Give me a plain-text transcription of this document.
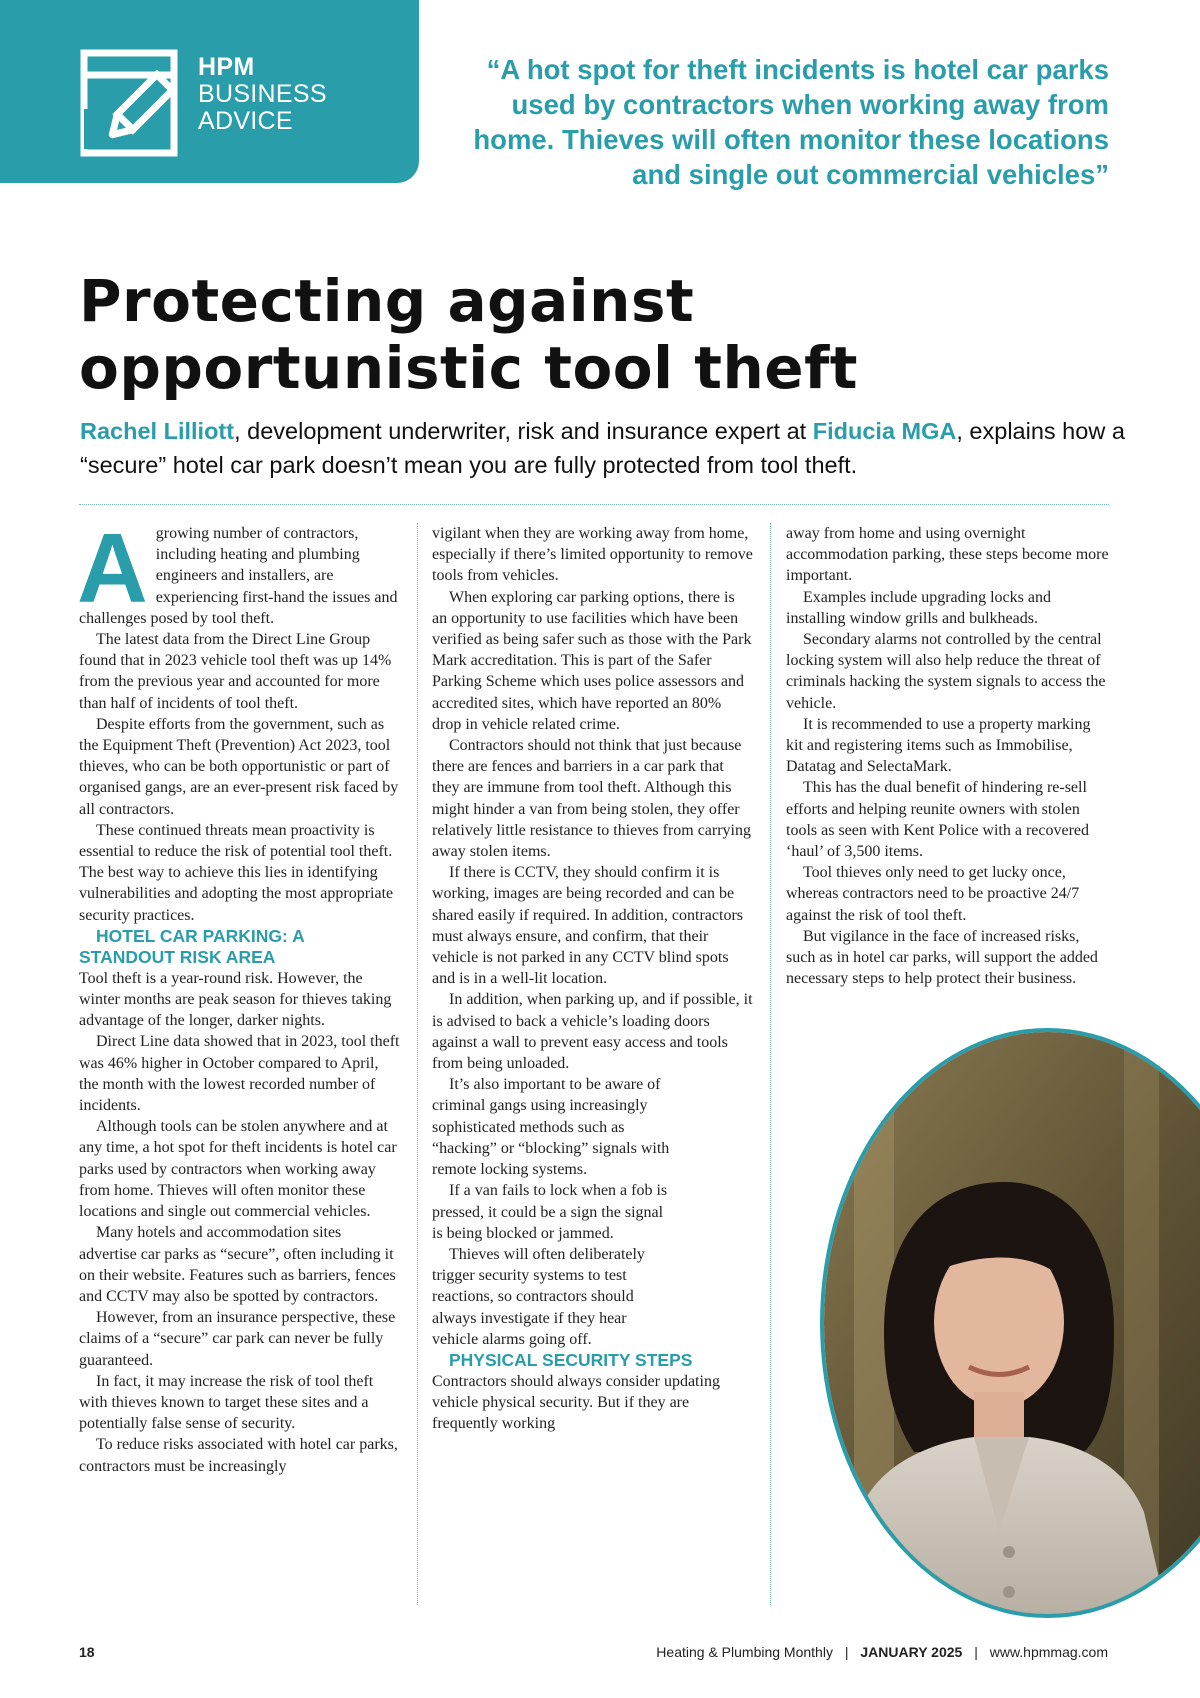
HPM
BUSINESS
ADVICE

“A hot spot for theft incidents is hotel car parks used by contractors when working away from home. Thieves will often monitor these locations and single out commercial vehicles”

Protecting against
opportunistic tool theft

Rachel Lilliott, development underwriter, risk and insurance expert at Fiducia MGA, explains how a “secure” hotel car park doesn’t mean you are fully protected from tool theft.

Agrowing number of contractors, including heating and plumbing engineers and installers, are experiencing first-hand the issues and challenges posed by tool theft.

The latest data from the Direct Line Group found that in 2023 vehicle tool theft was up 14% from the previous year and accounted for more than half of incidents of tool theft.

Despite efforts from the government, such as the Equipment Theft (Prevention) Act 2023, tool thieves, who can be both opportunistic or part of organised gangs, are an ever-present risk faced by all contractors.

These continued threats mean proactivity is essential to reduce the risk of potential tool theft. The best way to achieve this lies in identifying vulnerabilities and adopting the most appropriate security practices.

HOTEL CAR PARKING: A STANDOUT RISK AREA

Tool theft is a year-round risk. However, the winter months are peak season for thieves taking advantage of the longer, darker nights.

Direct Line data showed that in 2023, tool theft was 46% higher in October compared to April, the month with the lowest recorded number of incidents.

Although tools can be stolen anywhere and at any time, a hot spot for theft incidents is hotel car parks used by contractors when working away from home. Thieves will often monitor these locations and single out commercial vehicles.

Many hotels and accommodation sites advertise car parks as “secure”, often including it on their website. Features such as barriers, fences and CCTV may also be spotted by contractors.

However, from an insurance perspective, these claims of a “secure” car park can never be fully guaranteed.

In fact, it may increase the risk of tool theft with thieves known to target these sites and a potentially false sense of security.

To reduce risks associated with hotel car parks, contractors must be increasingly

vigilant when they are working away from home, especially if there’s limited opportunity to remove tools from vehicles.

When exploring car parking options, there is an opportunity to use facilities which have been verified as being safer such as those with the Park Mark accreditation. This is part of the Safer Parking Scheme which uses police assessors and accredited sites, which have reported an 80% drop in vehicle related crime.

Contractors should not think that just because there are fences and barriers in a car park that they are immune from tool theft. Although this might hinder a van from being stolen, they offer relatively little resistance to thieves from carrying away stolen items.

If there is CCTV, they should confirm it is working, images are being recorded and can be shared easily if required. In addition, contractors must always ensure, and confirm, that their vehicle is not parked in any CCTV blind spots and is in a well-lit location.

In addition, when parking up, and if possible, it is advised to back a vehicle’s loading doors against a wall to prevent easy access and tools from being unloaded.

It’s also important to be aware of criminal gangs using increasingly sophisticated methods such as “hacking” or “blocking” signals with remote locking systems.

If a van fails to lock when a fob is pressed, it could be a sign the signal is being blocked or jammed.

Thieves will often deliberately trigger security systems to test reactions, so contractors should always investigate if they hear vehicle alarms going off.

PHYSICAL SECURITY STEPS

Contractors should always consider updating vehicle physical security. But if they are frequently working

away from home and using overnight accommodation parking, these steps become more important.

Examples include upgrading locks and installing window grills and bulkheads.

Secondary alarms not controlled by the central locking system will also help reduce the threat of criminals hacking the system signals to access the vehicle.

It is recommended to use a property marking kit and registering items such as Immobilise, Datatag and SelectaMark.

This has the dual benefit of hindering re-sell efforts and helping reunite owners with stolen tools as seen with Kent Police with a recovered ‘haul’ of 3,500 items.

Tool thieves only need to get lucky once, whereas contractors need to be proactive 24/7 against the risk of tool theft.

But vigilance in the face of increased risks, such as in hotel car parks, will support the added necessary steps to help protect their business.

18	Heating & Plumbing Monthly | JANUARY 2025 | www.hpmmag.com
